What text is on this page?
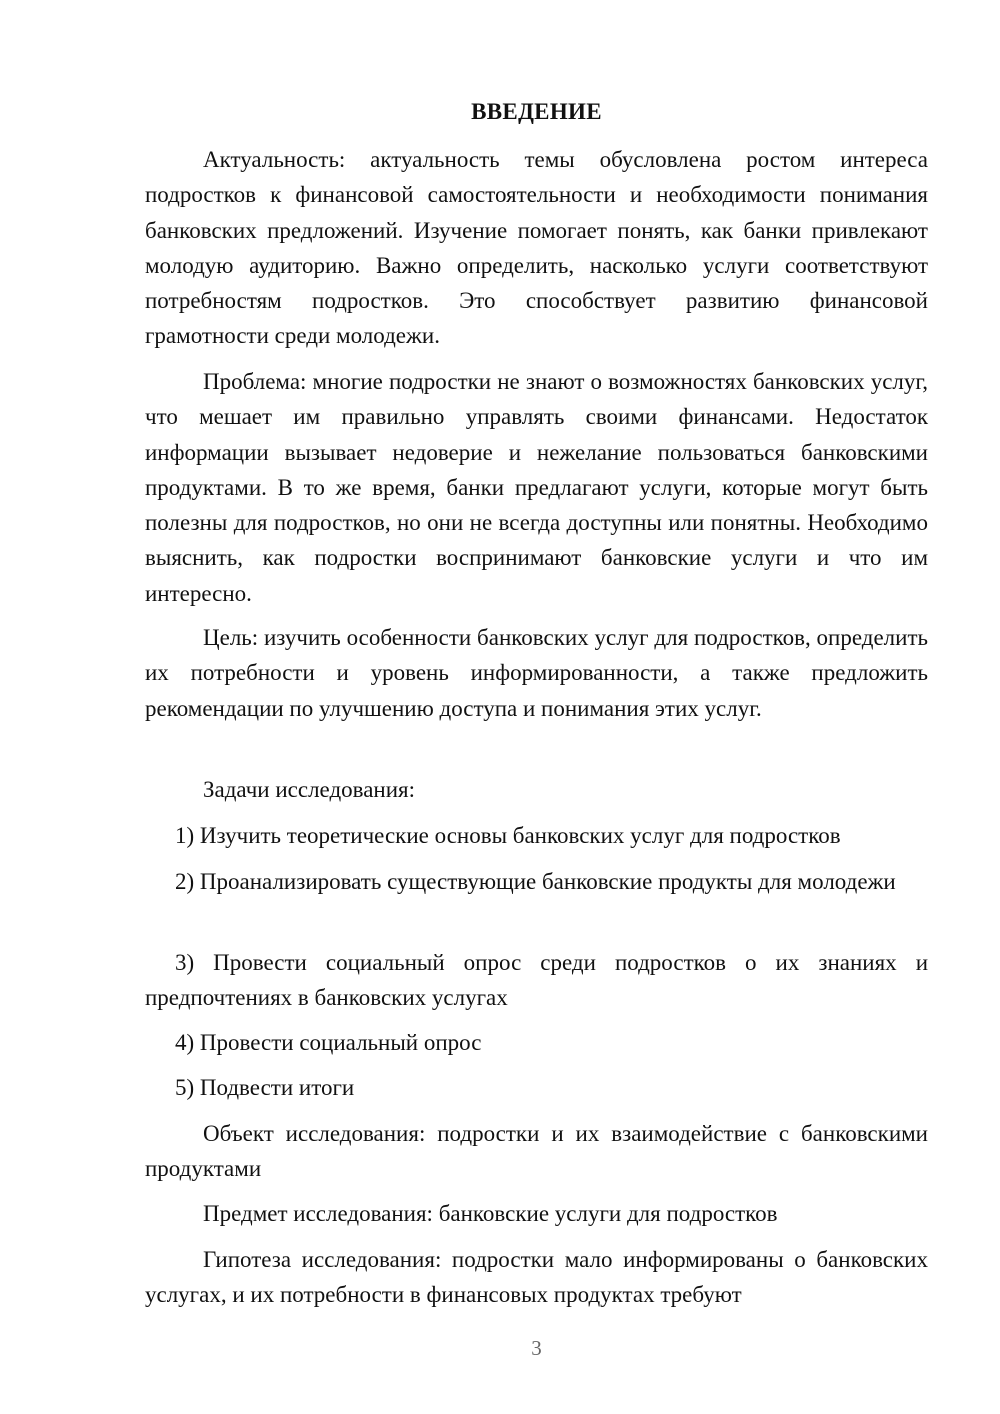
ВВЕДЕНИЕ

Актуальность: актуальность темы обусловлена ростом интереса подростков к финансовой самостоятельности и необходимости понимания банковских предложений. Изучение помогает понять, как банки привлекают молодую аудиторию. Важно определить, насколько услуги соответствуют потребностям подростков. Это способствует развитию финансовой грамотности среди молодежи.

Проблема: многие подростки не знают о возможностях банковских услуг, что мешает им правильно управлять своими финансами. Недостаток информации вызывает недоверие и нежелание пользоваться банковскими продуктами. В то же время, банки предлагают услуги, которые могут быть полезны для подростков, но они не всегда доступны или понятны. Необходимо выяснить, как подростки воспринимают банковские услуги и что им интересно.

Цель: изучить особенности банковских услуг для подростков, определить их потребности и уровень информированности, а также предложить рекомендации по улучшению доступа и понимания этих услуг.

Задачи исследования:

1) Изучить теоретические основы банковских услуг для подростков

2) Проанализировать существующие банковские продукты для молодежи

3) Провести социальный опрос среди подростков о их знаниях и предпочтениях в банковских услугах

4) Провести социальный опрос

5) Подвести итоги

Объект исследования: подростки и их взаимодействие с банковскими продуктами

Предмет исследования: банковские услуги для подростков

Гипотеза исследования: подростки мало информированы о банковских услугах, и их потребности в финансовых продуктах требуют

3
